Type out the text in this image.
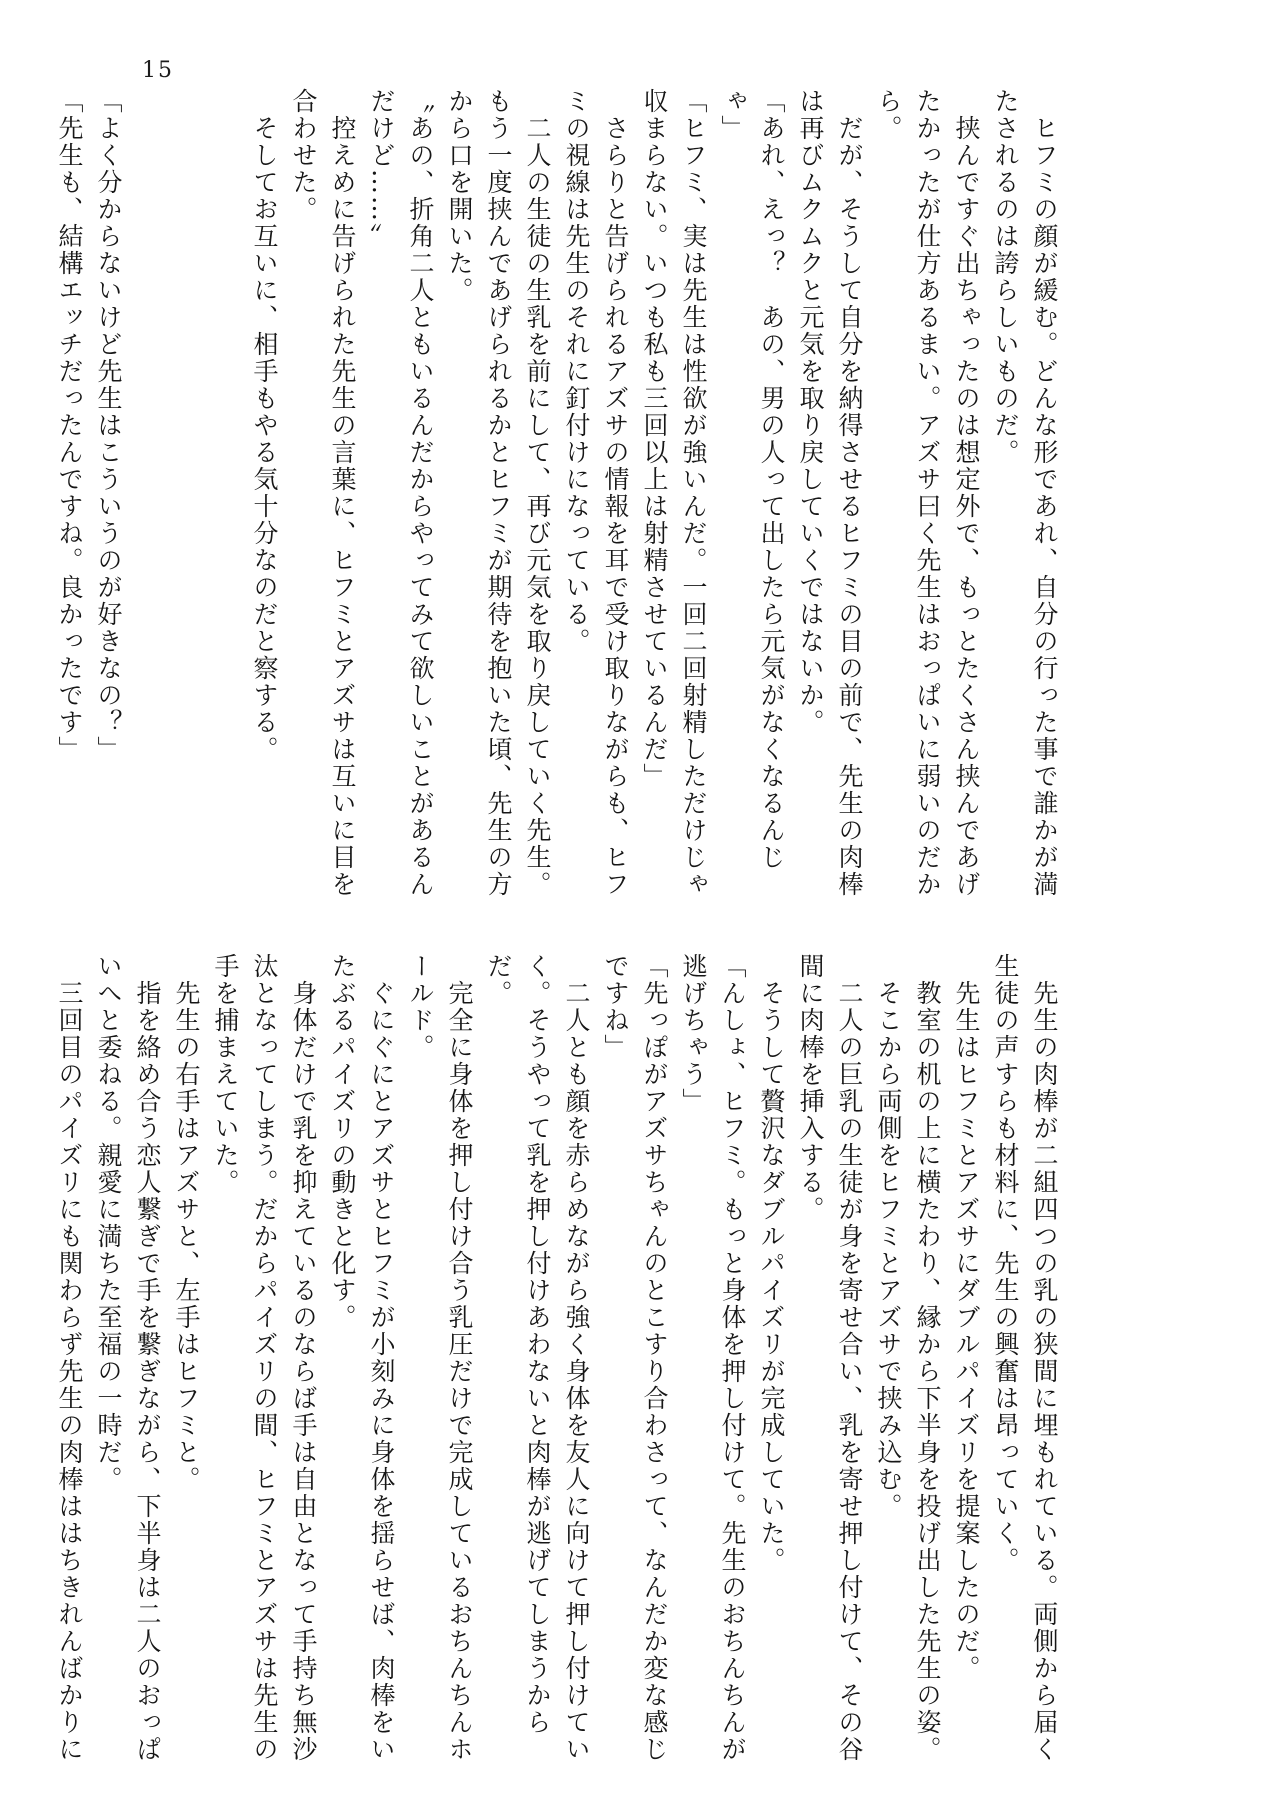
15

　ヒフミの顔が緩む。どんな形であれ、自分の行った事で誰かが満たされるのは誇らしいものだ。

　挟んですぐ出ちゃったのは想定外で、もっとたくさん挟んであげたかったが仕方あるまい。アズサ曰く先生はおっぱいに弱いのだから。

　だが、そうして自分を納得させるヒフミの目の前で、先生の肉棒は再びムクムクと元気を取り戻していくではないか。

「あれ、えっ？　あの、男の人って出したら元気がなくなるんじゃ」

「ヒフミ、実は先生は性欲が強いんだ。一回二回射精しただけじゃ収まらない。いつも私も三回以上は射精させているんだ」

　さらりと告げられるアズサの情報を耳で受け取りながらも、ヒフミの視線は先生のそれに釘付けになっている。

　二人の生徒の生乳を前にして、再び元気を取り戻していく先生。もう一度挟んであげられるかとヒフミが期待を抱いた頃、先生の方から口を開いた。

〝あの、折角二人ともいるんだからやってみて欲しいことがあるんだけど……〟

　控えめに告げられた先生の言葉に、ヒフミとアズサは互いに目を合わせた。

　そしてお互いに、相手もやる気十分なのだと察する。

「よく分からないけど先生はこういうのが好きなの？」

「先生も、結構エッチだったんですね。良かったです」

　先生の肉棒が二組四つの乳の狭間に埋もれている。両側から届く生徒の声すらも材料に、先生の興奮は昂っていく。

　先生はヒフミとアズサにダブルパイズリを提案したのだ。

　教室の机の上に横たわり、縁から下半身を投げ出した先生の姿。

　そこから両側をヒフミとアズサで挟み込む。

　二人の巨乳の生徒が身を寄せ合い、乳を寄せ押し付けて、その谷間に肉棒を挿入する。

　そうして贅沢なダブルパイズリが完成していた。

「んしょ、ヒフミ。もっと身体を押し付けて。先生のおちんちんが逃げちゃう」

「先っぽがアズサちゃんのとこすり合わさって、なんだか変な感じですね」

　二人とも顔を赤らめながら強く身体を友人に向けて押し付けていく。そうやって乳を押し付けあわないと肉棒が逃げてしまうからだ。

　完全に身体を押し付け合う乳圧だけで完成しているおちんちんホールド。

　ぐにぐにとアズサとヒフミが小刻みに身体を揺らせば、肉棒をいたぶるパイズリの動きと化す。

　身体だけで乳を抑えているのならば手は自由となって手持ち無沙汰となってしまう。だからパイズリの間、ヒフミとアズサは先生の手を捕まえていた。

　先生の右手はアズサと、左手はヒフミと。

　指を絡め合う恋人繋ぎで手を繋ぎながら、下半身は二人のおっぱいへと委ねる。親愛に満ちた至福の一時だ。

　三回目のパイズリにも関わらず先生の肉棒ははちきれんばかりに
